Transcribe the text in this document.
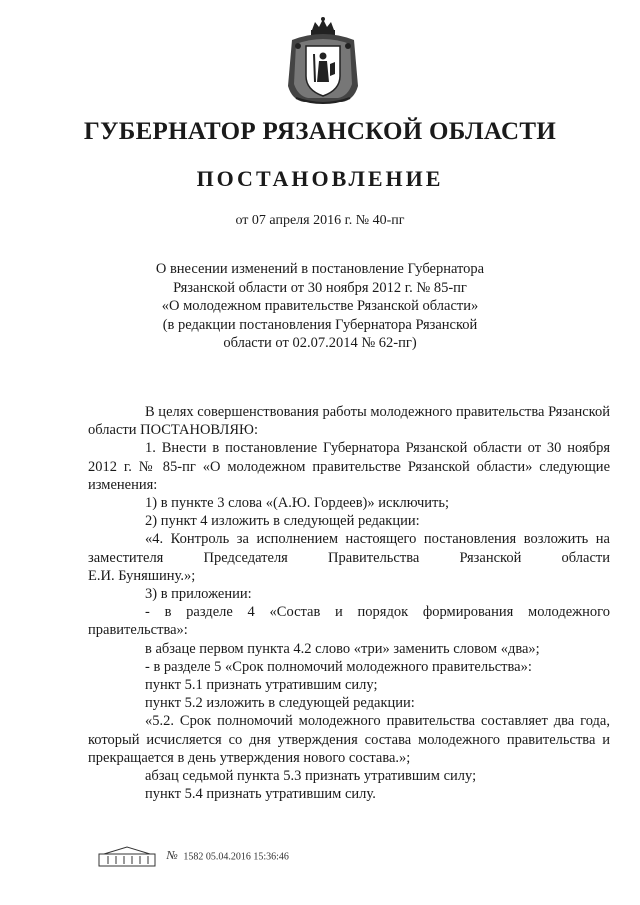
ГУБЕРНАТОР РЯЗАНСКОЙ ОБЛАСТИ
ПОСТАНОВЛЕНИЕ
от 07 апреля 2016 г. № 40-пг
О внесении изменений в постановление Губернатора
Рязанской области от 30 ноября 2012 г. № 85-пг
«О молодежном правительстве Рязанской области»
(в редакции постановления Губернатора Рязанской
области от 02.07.2014 № 62-пг)

В целях совершенствования работы молодежного правительства Рязанской области ПОСТАНОВЛЯЮ:

1. Внести в постановление Губернатора Рязанской области от 30 ноября 2012 г. № 85-пг «О молодежном правительстве Рязанской области» следующие изменения:

1) в пункте 3 слова «(А.Ю. Гордеев)» исключить;

2) пункт 4 изложить в следующей редакции:

«4. Контроль за исполнением настоящего постановления возложить на заместителя Председателя Правительства Рязанской области

Е.И. Буняшину.»;

3) в приложении:

- в разделе 4 «Состав и порядок формирования молодежного правительства»:

в абзаце первом пункта 4.2 слово «три» заменить словом «два»;

- в разделе 5 «Срок полномочий молодежного правительства»:

пункт 5.1 признать утратившим силу;

пункт 5.2 изложить в следующей редакции:

«5.2. Срок полномочий молодежного правительства составляет два года, который исчисляется со дня утверждения состава молодежного правительства и прекращается в день утверждения нового состава.»;

абзац седьмой пункта 5.3 признать утратившим силу;

пункт 5.4 признать утратившим силу.

№ 1582 05.04.2016 15:36:46
